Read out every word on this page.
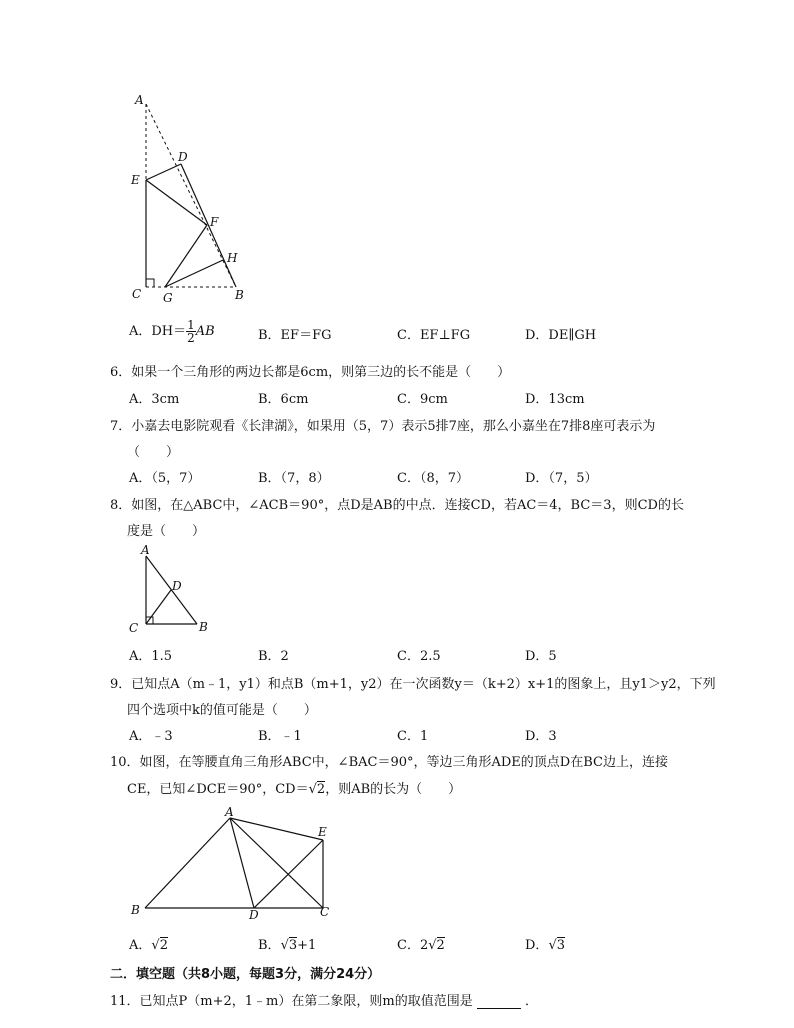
A
D
E
F
H
C G	B
A．$DH= \frac{1}{2}$ AB	B．EF＝FG	C．EF⊥FG	D．DE∥GH
6．如果一个三角形的两边长都是6cm，则第三边的长不能是（　　）
A．3cm	B．6cm	C．9cm	D．13cm
7．小嘉去电影院观看《长津湖》，如果用（5，7）表示5排7座，那么小嘉坐在7排8座可表示为
（　　）
A．（5，7）	B．（7，8）	C．（8，7）	D．（7，5）
8．如图，在△ABC中，∠ACB＝90°，点D是AB的中点．连接CD，若AC＝4，BC＝3，则CD的长
度是（　　）
A
D
C	B
A．1.5	B．2	C．2.5	D．5
9．已知点A（m﹣1，y1）和点B（m+1，y2）在一次函数y＝（k+2）x+1的图象上，且y1＞y2，下列
四个选项中k的值可能是（　　）
A．﹣3	B．﹣1	C．1	D．3
10．如图，在等腰直角三角形ABC中，∠BAC＝90°，等边三角形ADE的顶点D在BC边上，连接
CE，已知∠DCE＝90°，CD＝√2，则AB的长为（　　）
A
E
B	D	C
A．√2	B．√3+1	C．2√2	D．√3
二．填空题（共8小题，每题3分，满分24分）
11．已知点P（m+2，1﹣m）在第二象限，则m的取值范围是	．
